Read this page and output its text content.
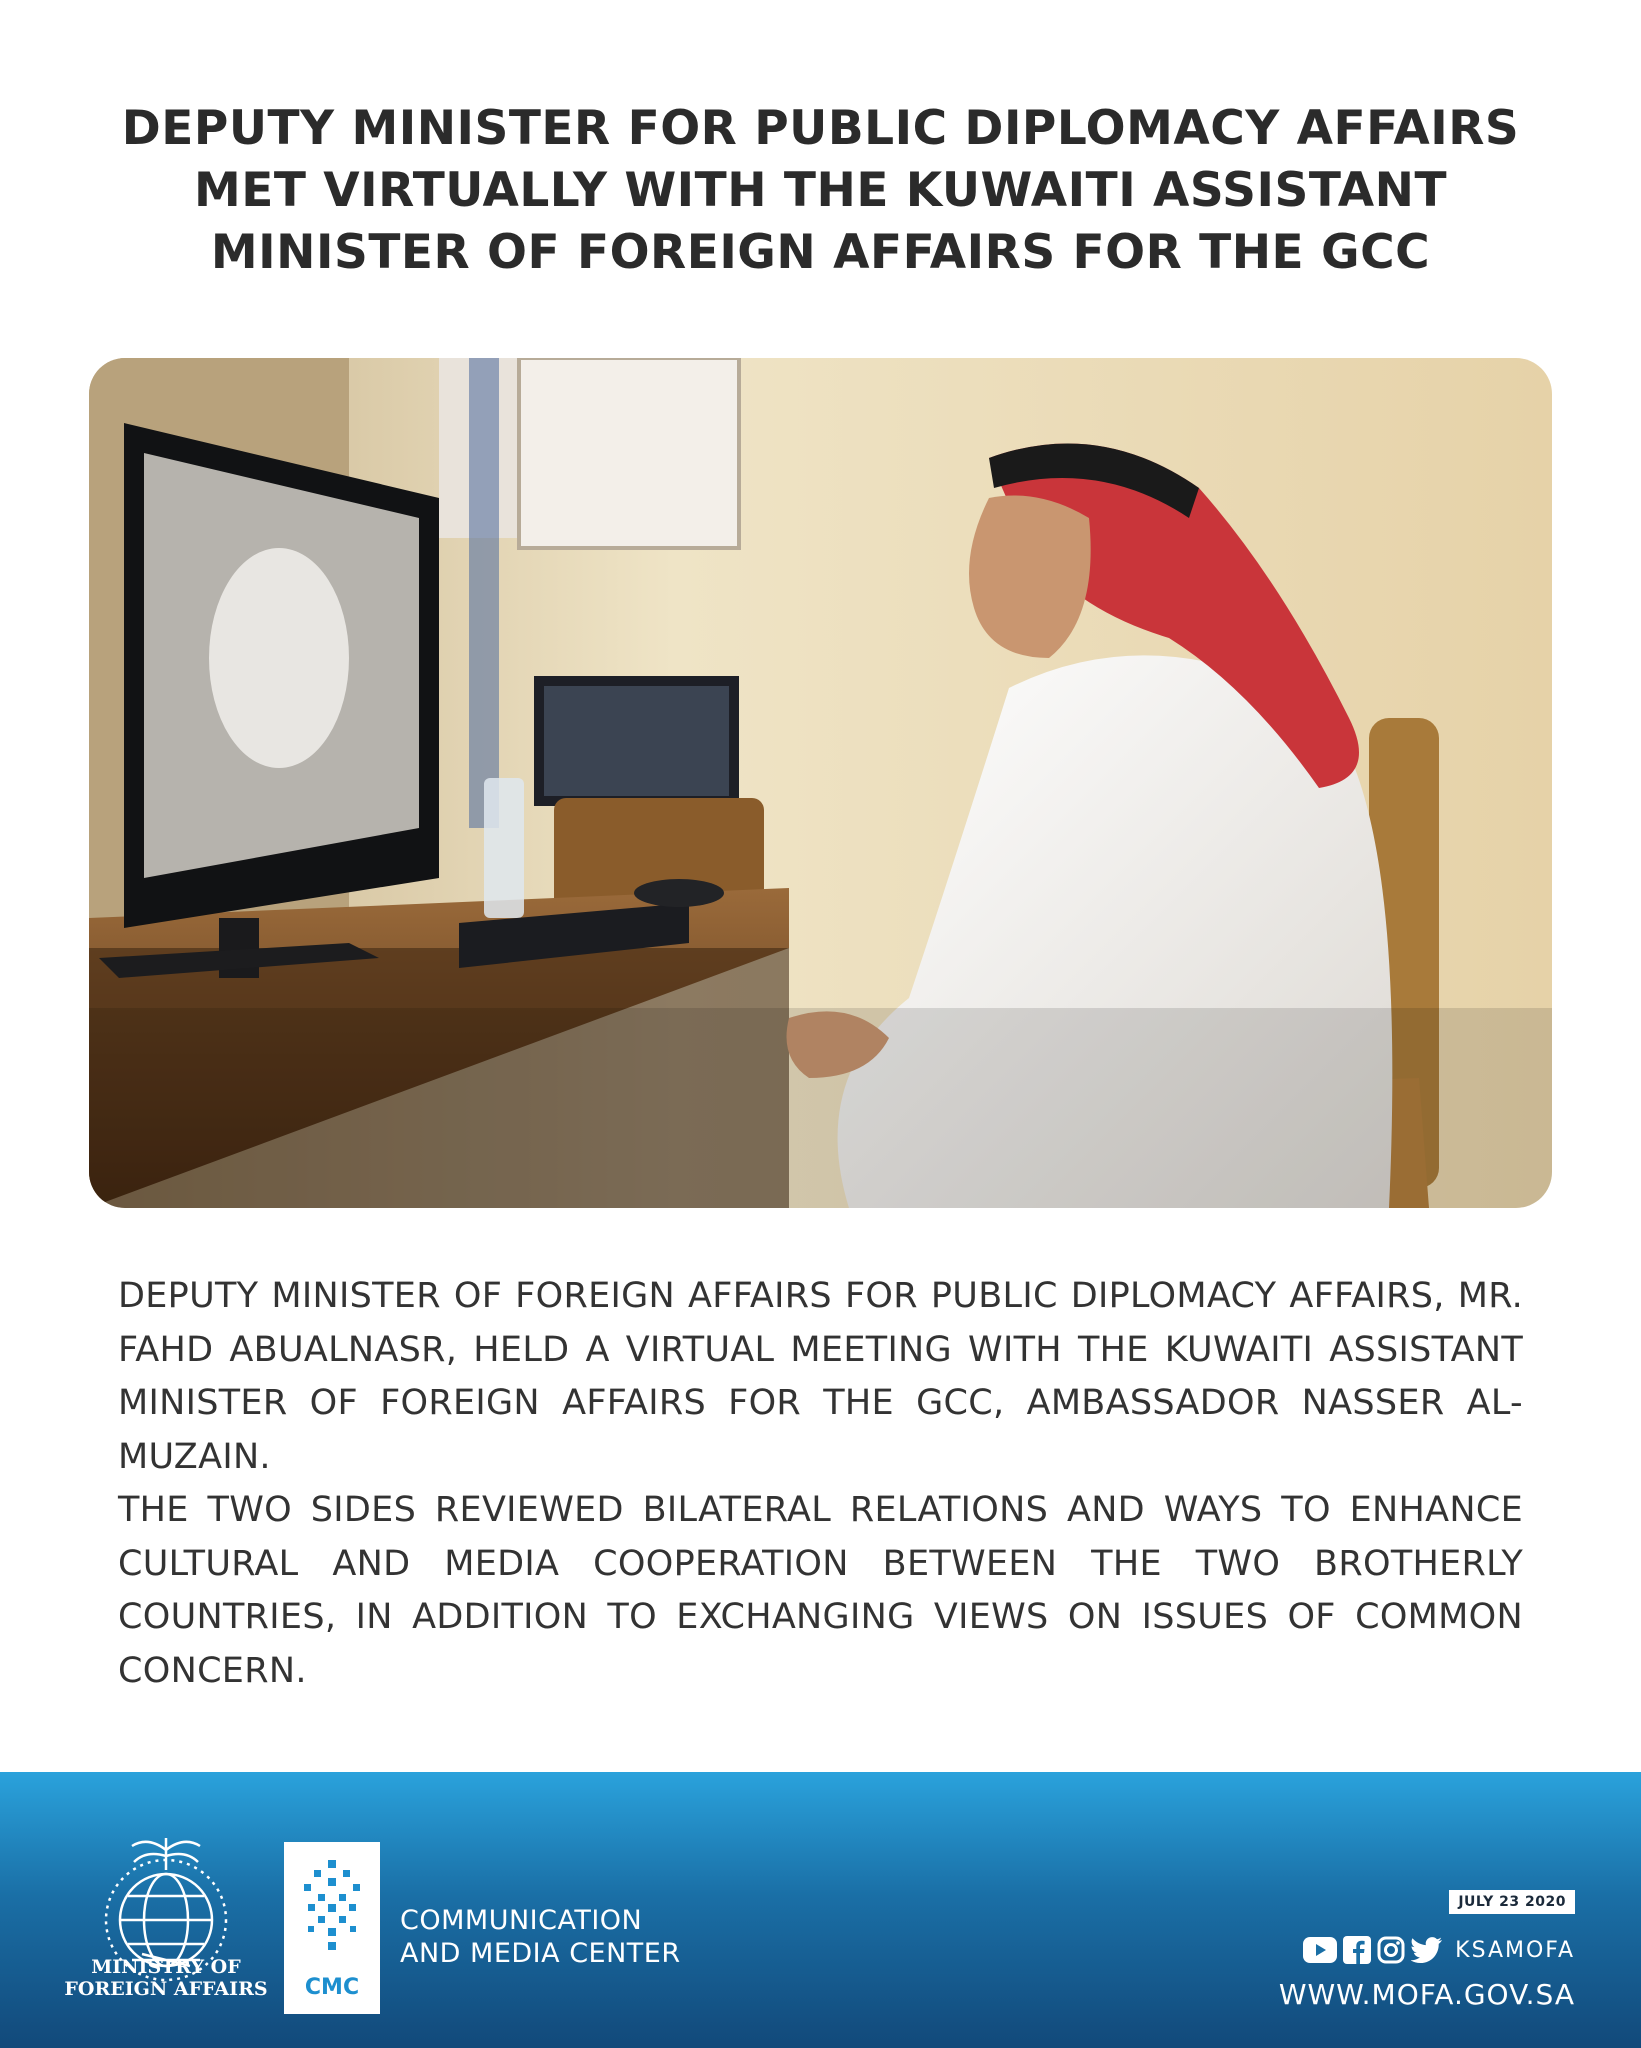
DEPUTY MINISTER FOR PUBLIC DIPLOMACY AFFAIRS MET VIRTUALLY WITH THE KUWAITI ASSISTANT MINISTER OF FOREIGN AFFAIRS FOR THE GCC

DEPUTY MINISTER OF FOREIGN AFFAIRS FOR PUBLIC DIPLOMACY AFFAIRS, MR. FAHD ABUALNASR, HELD A VIRTUAL MEETING WITH THE KUWAITI ASSISTANT MINISTER OF FOREIGN AFFAIRS FOR THE GCC, AMBASSADOR NASSER AL-MUZAIN.

THE TWO SIDES REVIEWED BILATERAL RELATIONS AND WAYS TO ENHANCE CULTURAL AND MEDIA COOPERATION BETWEEN THE TWO BROTHERLY COUNTRIES, IN ADDITION TO EXCHANGING VIEWS ON ISSUES OF COMMON CONCERN.

MINISTRY OF FOREIGN AFFAIRS	CMC
COMMUNICATION
AND MEDIA CENTER
JULY 23 2020
KSAMOFA
WWW.MOFA.GOV.SA
